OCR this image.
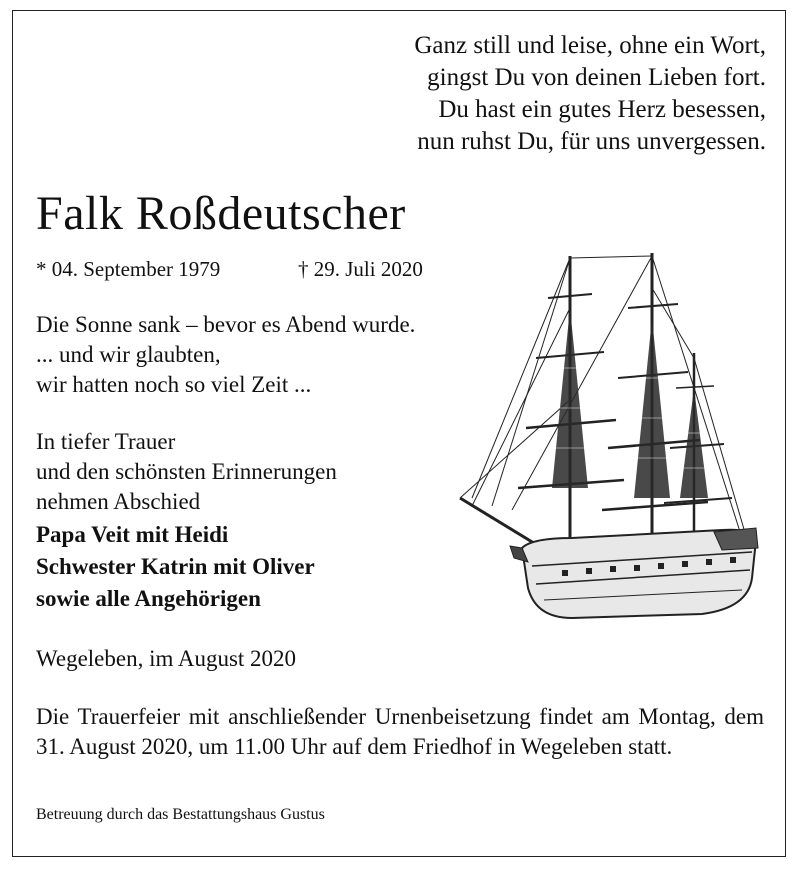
Ganz still und leise, ohne ein Wort,
gingst Du von deinen Lieben fort.
Du hast ein gutes Herz besessen,
nun ruhst Du, für uns unvergessen.
Falk Roßdeutscher
* 04. September 1979	† 29. Juli 2020
Die Sonne sank – bevor es Abend wurde.
... und wir glaubten,
wir hatten noch so viel Zeit ...
In tiefer Trauer
und den schönsten Erinnerungen
nehmen Abschied
Papa Veit mit Heidi
Schwester Katrin mit Oliver
sowie alle Angehörigen
Wegeleben, im August 2020
Die Trauerfeier mit anschließender Urnenbeisetzung findet am Montag, dem 31. August 2020, um 11.00 Uhr auf dem Friedhof in Wegeleben statt.
Betreuung durch das Bestattungshaus Gustus
